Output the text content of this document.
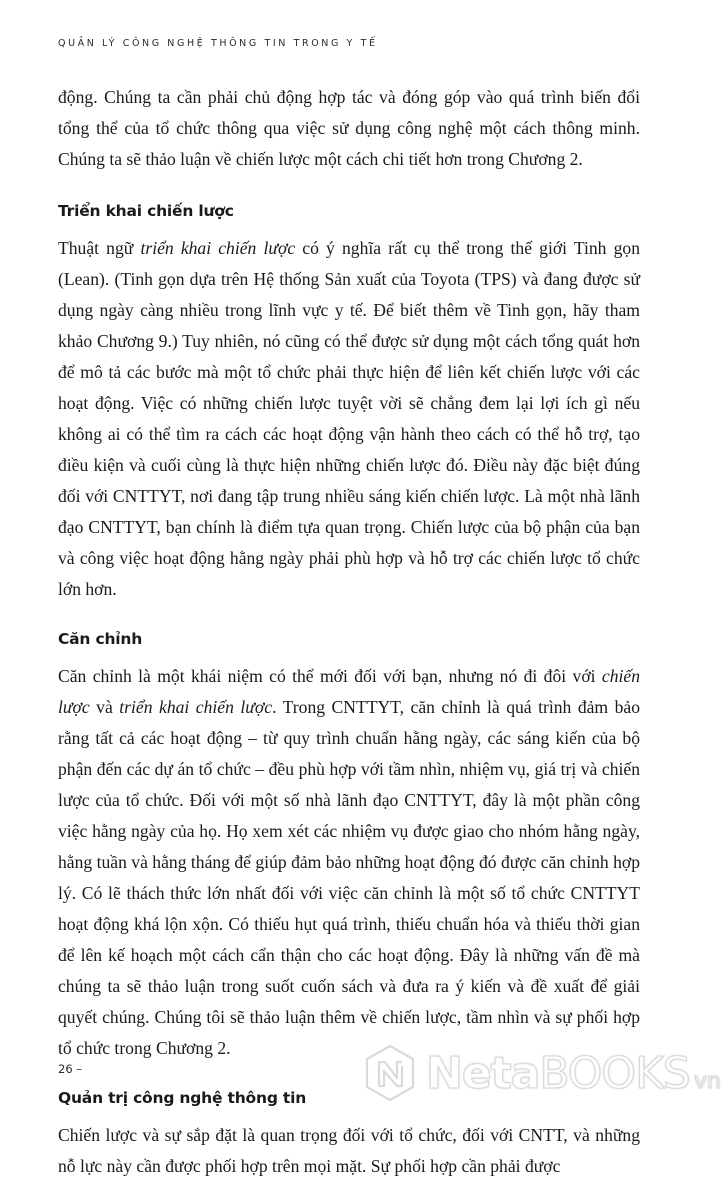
QUẢN LÝ CÔNG NGHỆ THÔNG TIN TRONG Y TẾ

động. Chúng ta cần phải chủ động hợp tác và đóng góp vào quá trình biến đổi tổng thể của tổ chức thông qua việc sử dụng công nghệ một cách thông minh. Chúng ta sẽ thảo luận về chiến lược một cách chi tiết hơn trong Chương 2.

Triển khai chiến lược

Thuật ngữ triển khai chiến lược có ý nghĩa rất cụ thể trong thế giới Tinh gọn (Lean). (Tinh gọn dựa trên Hệ thống Sản xuất của Toyota (TPS) và đang được sử dụng ngày càng nhiều trong lĩnh vực y tế. Để biết thêm về Tinh gọn, hãy tham khảo Chương 9.) Tuy nhiên, nó cũng có thể được sử dụng một cách tổng quát hơn để mô tả các bước mà một tổ chức phải thực hiện để liên kết chiến lược với các hoạt động. Việc có những chiến lược tuyệt vời sẽ chẳng đem lại lợi ích gì nếu không ai có thể tìm ra cách các hoạt động vận hành theo cách có thể hỗ trợ, tạo điều kiện và cuối cùng là thực hiện những chiến lược đó. Điều này đặc biệt đúng đối với CNTTYT, nơi đang tập trung nhiều sáng kiến chiến lược. Là một nhà lãnh đạo CNTTYT, bạn chính là điểm tựa quan trọng. Chiến lược của bộ phận của bạn và công việc hoạt động hằng ngày phải phù hợp và hỗ trợ các chiến lược tổ chức lớn hơn.

Căn chỉnh

Căn chỉnh là một khái niệm có thể mới đối với bạn, nhưng nó đi đôi với chiến lược và triển khai chiến lược. Trong CNTTYT, căn chỉnh là quá trình đảm bảo rằng tất cả các hoạt động – từ quy trình chuẩn hằng ngày, các sáng kiến của bộ phận đến các dự án tổ chức – đều phù hợp với tầm nhìn, nhiệm vụ, giá trị và chiến lược của tổ chức. Đối với một số nhà lãnh đạo CNTTYT, đây là một phần công việc hằng ngày của họ. Họ xem xét các nhiệm vụ được giao cho nhóm hằng ngày, hằng tuần và hằng tháng để giúp đảm bảo những hoạt động đó được căn chỉnh hợp lý. Có lẽ thách thức lớn nhất đối với việc căn chỉnh là một số tổ chức CNTTYT hoạt động khá lộn xộn. Có thiếu hụt quá trình, thiếu chuẩn hóa và thiếu thời gian để lên kế hoạch một cách cẩn thận cho các hoạt động. Đây là những vấn đề mà chúng ta sẽ thảo luận trong suốt cuốn sách và đưa ra ý kiến và đề xuất để giải quyết chúng. Chúng tôi sẽ thảo luận thêm về chiến lược, tầm nhìn và sự phối hợp tổ chức trong Chương 2.

Quản trị công nghệ thông tin

Chiến lược và sự sắp đặt là quan trọng đối với tổ chức, đối với CNTT, và những nỗ lực này cần được phối hợp trên mọi mặt. Sự phối hợp cần phải được

26 –	NetaBOOKS vn
